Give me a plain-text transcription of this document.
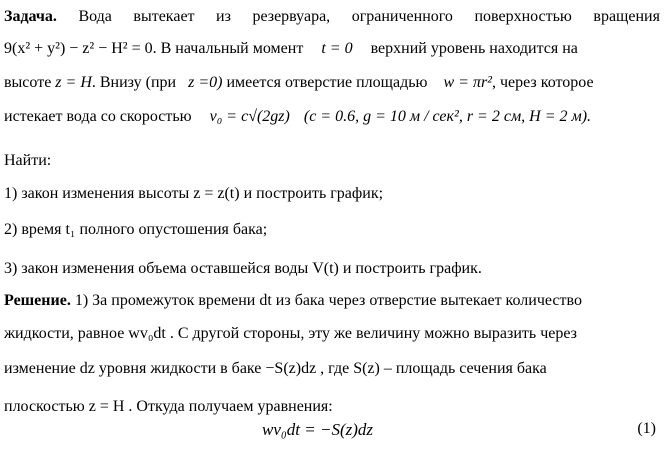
Задача. Вода вытекает из резервуара, ограниченного поверхностью вращения
9(x² + y²) − z² − H² = 0. В начальный момент t = 0 верхний уровень находится на
высоте z = H. Внизу (при z =0) имеется отверстие площадью w = πr², через которое
истекает вода со скоростью v₀ = c√(2gz) (c = 0.6, g = 10 м / сек², r = 2 см, H = 2 м).
Найти:
1) закон изменения высоты z = z(t) и построить график;
2) время t₁ полного опустошения бака;
3) закон изменения объема оставшейся воды V(t) и построить график.
Решение. 1) За промежуток времени dt из бака через отверстие вытекает количество
жидкости, равное wv₀dt . С другой стороны, эту же величину можно выразить через
изменение dz уровня жидкости в баке −S(z)dz , где S(z) – площадь сечения бака
плоскостью z = H . Откуда получаем уравнения:
wv₀dt = −S(z)dz	(1)
